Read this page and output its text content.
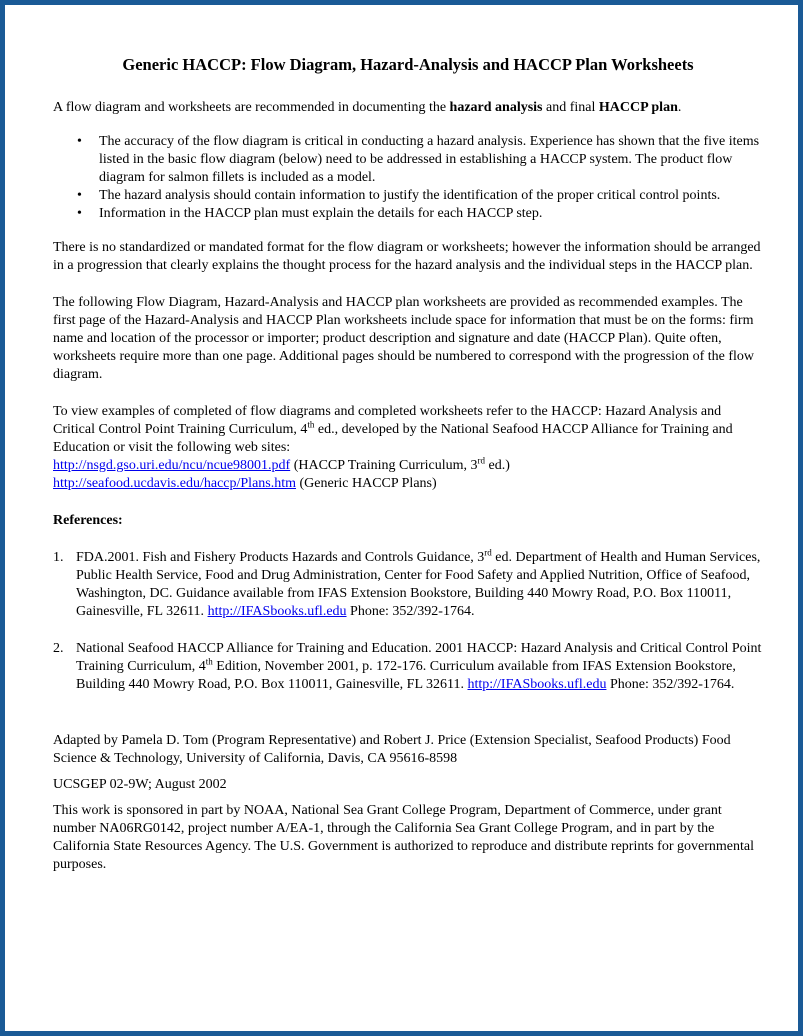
Generic HACCP: Flow Diagram, Hazard-Analysis and HACCP Plan Worksheets

A flow diagram and worksheets are recommended in documenting the hazard analysis and final HACCP plan.

• The accuracy of the flow diagram is critical in conducting a hazard analysis. Experience has shown that the five items listed in the basic flow diagram (below) need to be addressed in establishing a HACCP system. The product flow diagram for salmon fillets is included as a model.
• The hazard analysis should contain information to justify the identification of the proper critical control points.
• Information in the HACCP plan must explain the details for each HACCP step.

There is no standardized or mandated format for the flow diagram or worksheets; however the information should be arranged in a progression that clearly explains the thought process for the hazard analysis and the individual steps in the HACCP plan.

The following Flow Diagram, Hazard-Analysis and HACCP plan worksheets are provided as recommended examples. The first page of the Hazard-Analysis and HACCP Plan worksheets include space for information that must be on the forms: firm name and location of the processor or importer; product description and signature and date (HACCP Plan). Quite often, worksheets require more than one page. Additional pages should be numbered to correspond with the progression of the flow diagram.

To view examples of completed of flow diagrams and completed worksheets refer to the HACCP: Hazard Analysis and Critical Control Point Training Curriculum, 4th ed., developed by the National Seafood HACCP Alliance for Training and Education or visit the following web sites:
http://nsgd.gso.uri.edu/ncu/ncue98001.pdf (HACCP Training Curriculum, 3rd ed.)
http://seafood.ucdavis.edu/haccp/Plans.htm (Generic HACCP Plans)

References:

1. FDA.2001. Fish and Fishery Products Hazards and Controls Guidance, 3rd ed. Department of Health and Human Services, Public Health Service, Food and Drug Administration, Center for Food Safety and Applied Nutrition, Office of Seafood, Washington, DC. Guidance available from IFAS Extension Bookstore, Building 440 Mowry Road, P.O. Box 110011, Gainesville, FL 32611. http://IFASbooks.ufl.edu Phone: 352/392-1764.
2. National Seafood HACCP Alliance for Training and Education. 2001 HACCP: Hazard Analysis and Critical Control Point Training Curriculum, 4th Edition, November 2001, p. 172-176. Curriculum available from IFAS Extension Bookstore, Building 440 Mowry Road, P.O. Box 110011, Gainesville, FL 32611. http://IFASbooks.ufl.edu Phone: 352/392-1764.

Adapted by Pamela D. Tom (Program Representative) and Robert J. Price (Extension Specialist, Seafood Products) Food Science & Technology, University of California, Davis, CA 95616-8598

UCSGEP 02-9W; August 2002

This work is sponsored in part by NOAA, National Sea Grant College Program, Department of Commerce, under grant number NA06RG0142, project number A/EA-1, through the California Sea Grant College Program, and in part by the California State Resources Agency. The U.S. Government is authorized to reproduce and distribute reprints for governmental purposes.
